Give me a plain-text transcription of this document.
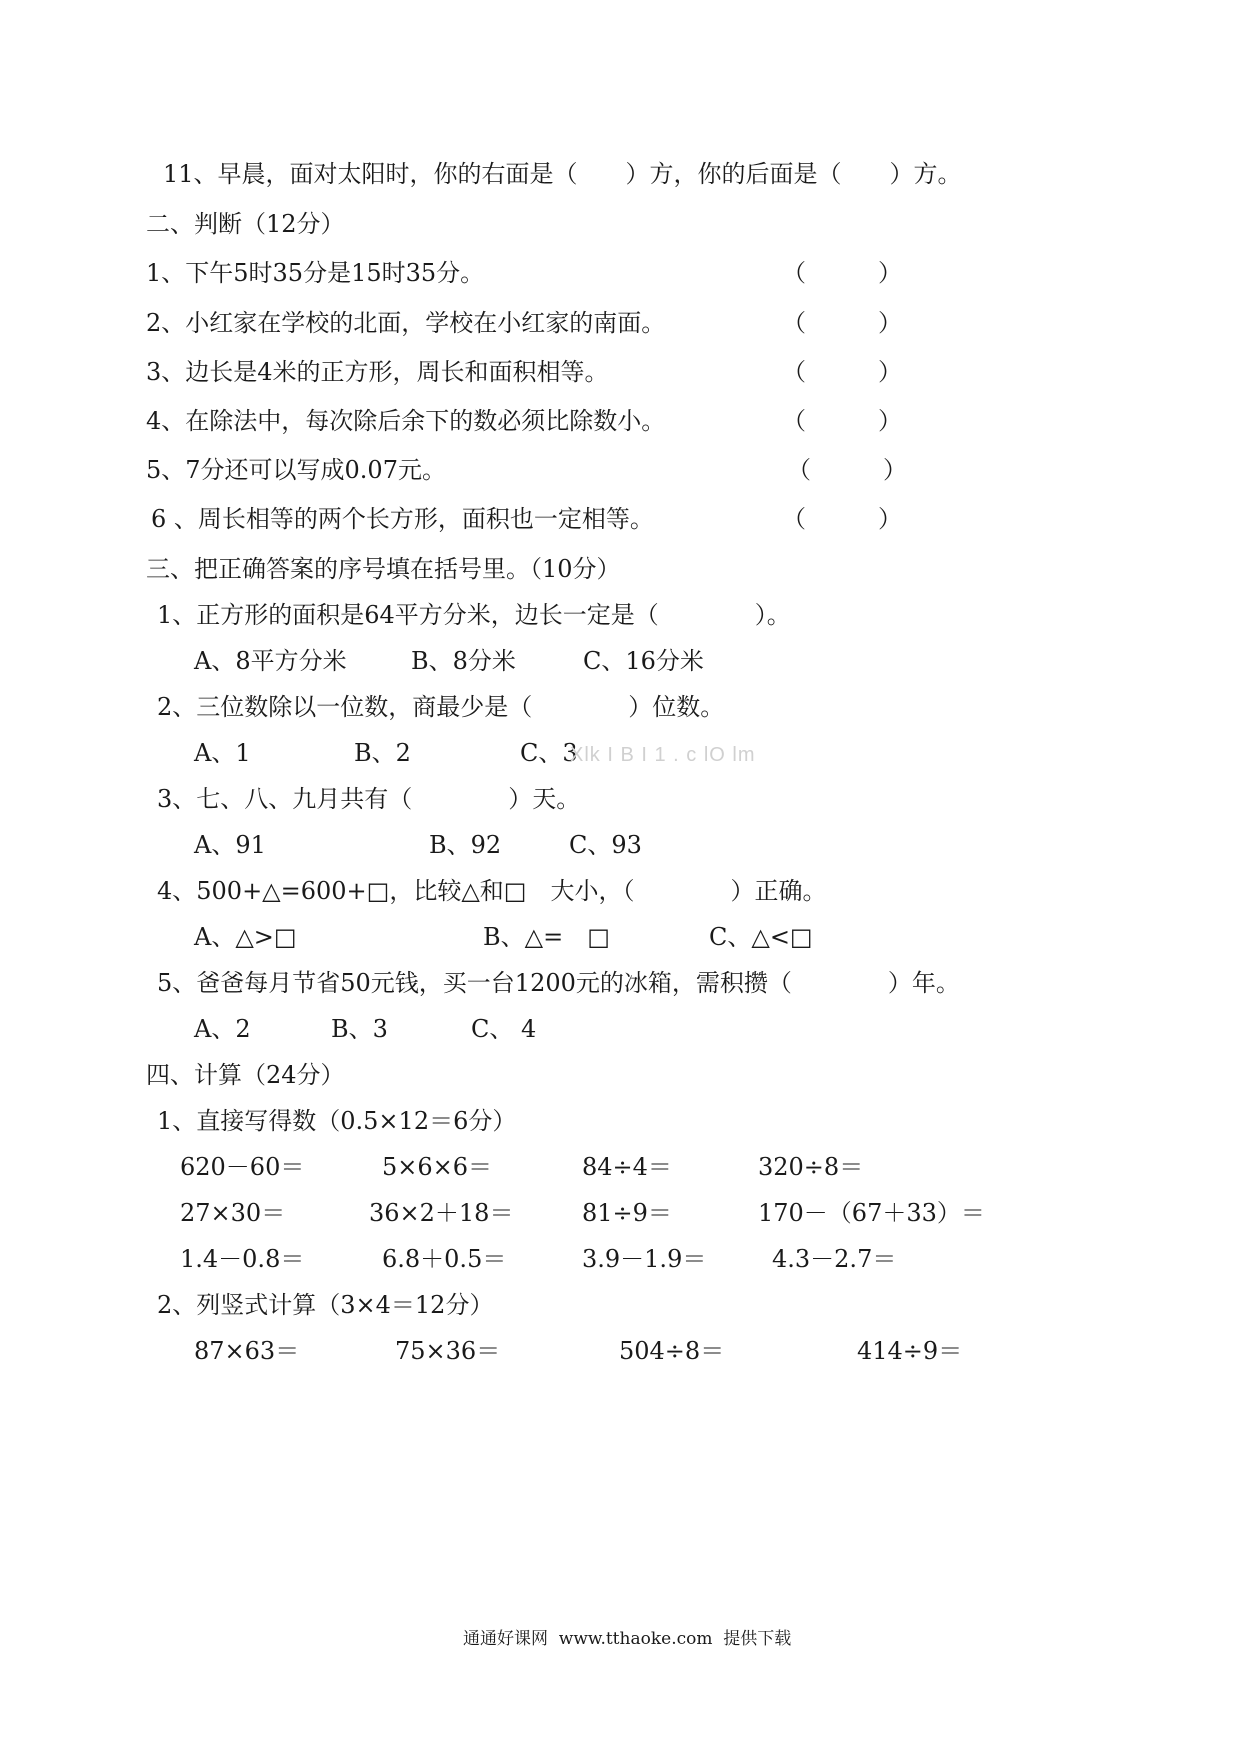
11、早晨，面对太阳时，你的右面是（　　）方，你的后面是（　　）方。
二、判断（12分）
1、下午5时35分是15时35分。	（　　　）
2、小红家在学校的北面，学校在小红家的南面。	（　　　）
3、边长是4米的正方形，周长和面积相等。	（　　　）
4、在除法中，每次除后余下的数必须比除数小。	（　　　）
5、7分还可以写成0.07元。	（　　　）
6 、周长相等的两个长方形，面积也一定相等。	（　　　）
三、把正确答案的序号填在括号里。（10分）
1、正方形的面积是64平方分米，边长一定是（　　　　）。
A、8平方分米	B、8分米	C、16分米
2、三位数除以一位数，商最少是（　　　　）位数。
A、1	B、2	C、3
Xlk I B I 1 . c lO lm
3、七、八、九月共有（　　　　）天。
A、91	B、92	C、93
4、500+△=600+□，比较△和□　大小，（　　　　）正确。
A、△>□	B、△=　□	C、△<□
5、爸爸每月节省50元钱，买一台1200元的冰箱，需积攒（　　　　）年。
A、2	B、3	C、 4
四、计算（24分）
1、直接写得数（0.5×12＝6分）
620－60＝	5×6×6＝	84÷4＝	320÷8＝
27×30＝	36×2＋18＝	81÷9＝	170－（67＋33）＝
1.4－0.8＝	6.8＋0.5＝	3.9－1.9＝	4.3－2.7＝
2、列竖式计算（3×4＝12分）
87×63＝	75×36＝	504÷8＝	414÷9＝
通通好课网  www.tthaoke.com  提供下载
